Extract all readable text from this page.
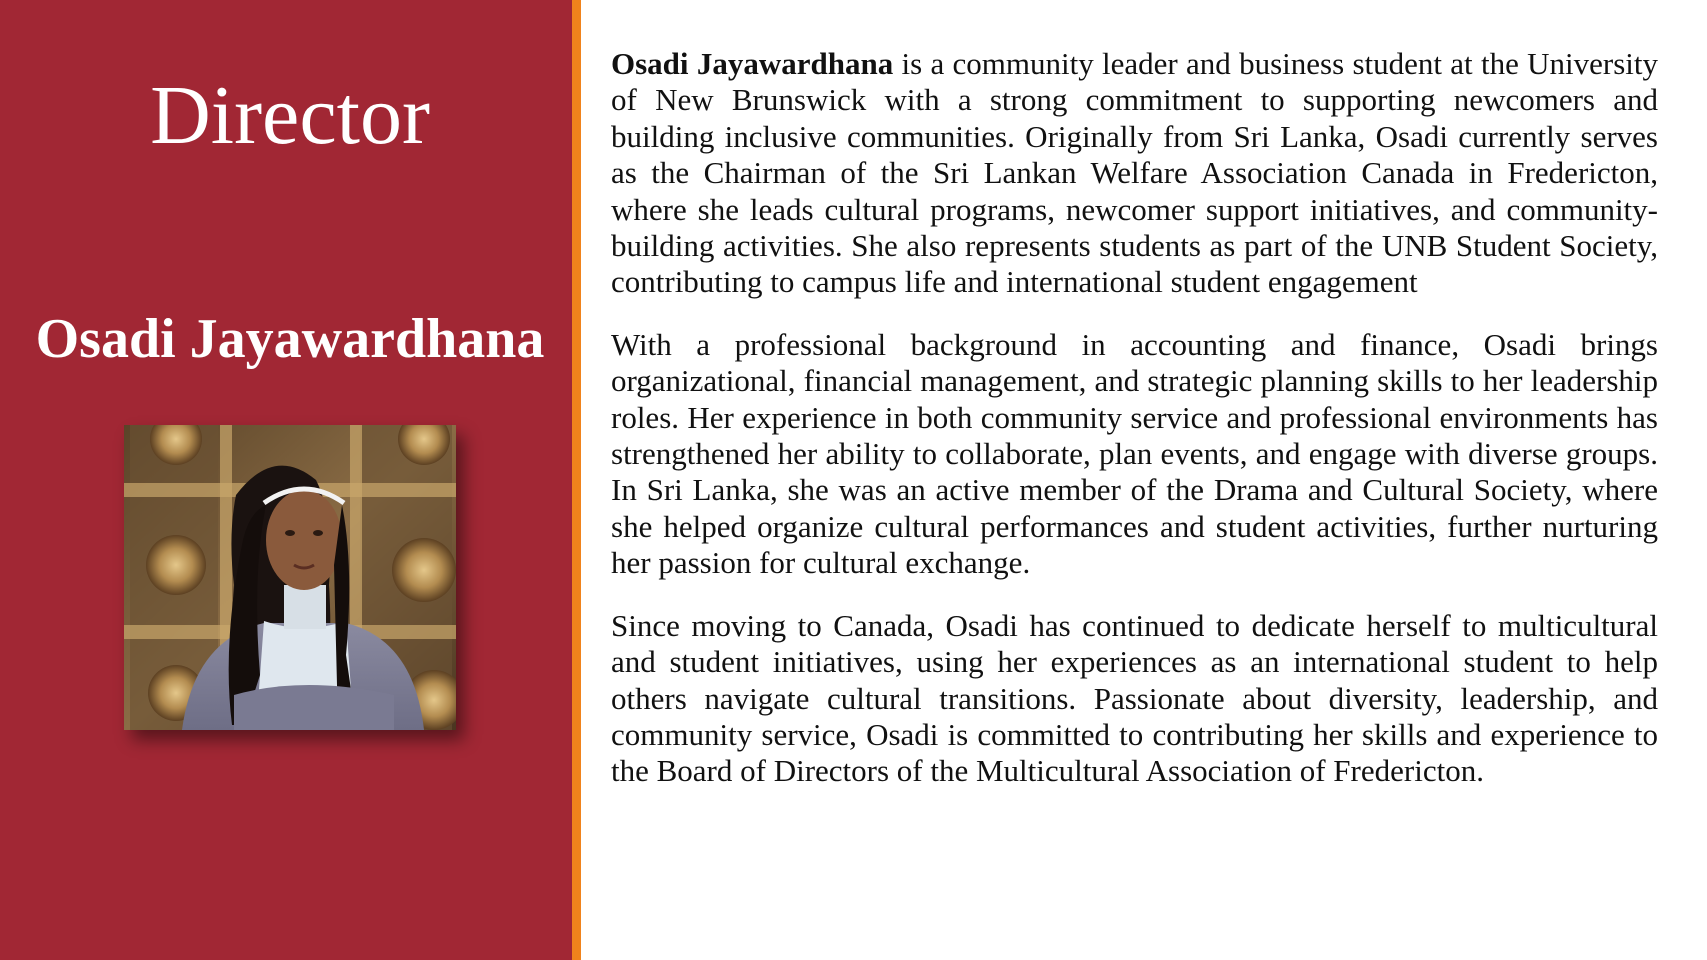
Director
Osadi Jayawardhana

Osadi Jayawardhana is a community leader and business student at the University of New Brunswick with a strong commitment to supporting newcomers and building inclusive communities. Originally from Sri Lanka, Osadi currently serves as the Chairman of the Sri Lankan Welfare Association Canada in Fredericton, where she leads cultural programs, newcomer support initiatives, and community-building activities. She also represents students as part of the UNB Student Society, contributing to campus life and international student engagement

With a professional background in accounting and finance, Osadi brings organizational, financial management, and strategic planning skills to her leadership roles. Her experience in both community service and professional environments has strengthened her ability to collaborate, plan events, and engage with diverse groups. In Sri Lanka, she was an active member of the Drama and Cultural Society, where she helped organize cultural performances and student activities, further nurturing her passion for cultural exchange.

Since moving to Canada, Osadi has continued to dedicate herself to multicultural and student initiatives, using her experiences as an international student to help others navigate cultural transitions. Passionate about diversity, leadership, and community service, Osadi is committed to contributing her skills and experience to the Board of Directors of the Multicultural Association of Fredericton.
